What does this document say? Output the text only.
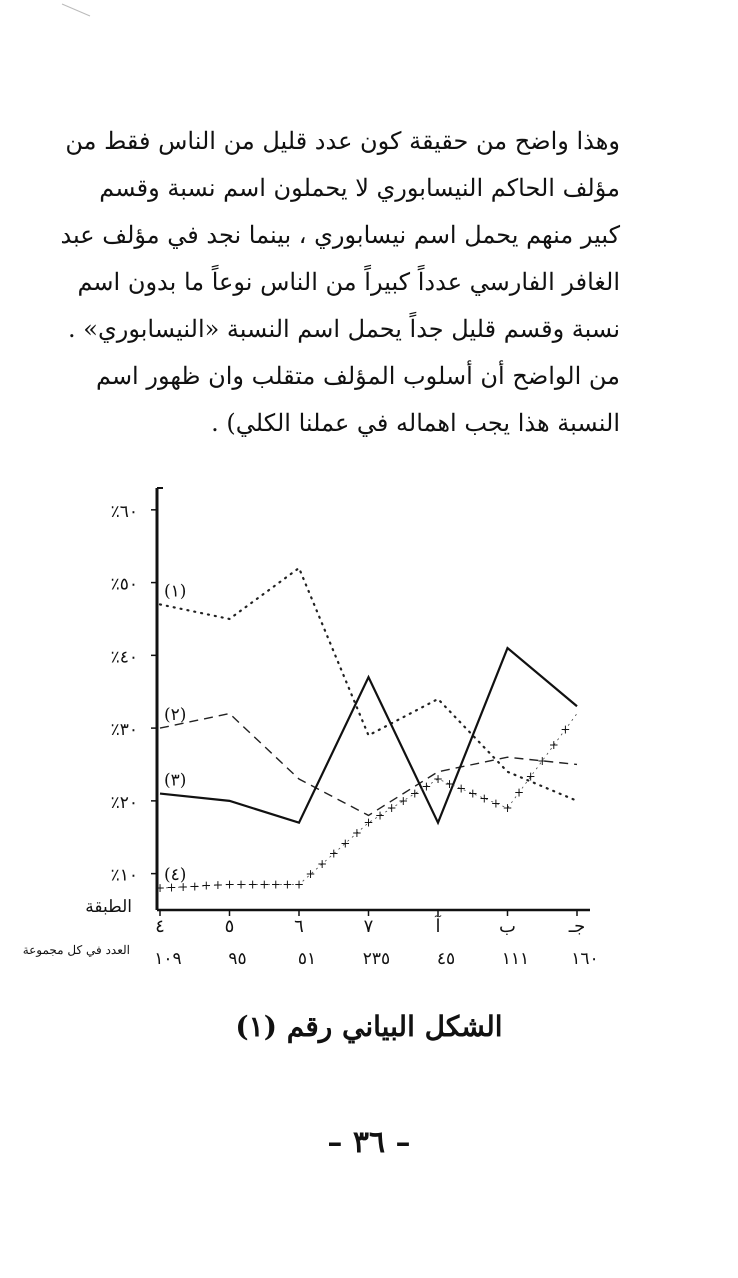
وهذا واضح من حقيقة كون عدد قليل من الناس فقط من
مؤلف الحاكم النيسابوري لا يحملون اسم نسبة وقسم
كبير منهم يحمل اسم نيسابوري ، بينما نجد في مؤلف عبد
الغافر الفارسي عدداً كبيراً من الناس نوعاً ما بدون اسم
نسبة وقسم قليل جداً يحمل اسم النسبة «النيسابوري» .
من الواضح أن أسلوب المؤلف متقلب وان ظهور اسم
النسبة هذا يجب اهماله في عملنا الكلي) .
+ + + + + + + + + + + + +
+
+
+
+
+
+
+
+
+
+
+
+ + + + + + +
+
+
+
+
+
٪١٠
٪٢٠
٪٣٠
٪٤٠
٪٥٠
٪٦٠
٤
١٠٩
٥
٩٥
٦
٥١
٧
٢٣٥
آ
٤٥
ب
١١١
جـ
١٦٠
الطبقة
العدد في كل مجموعة
(١)
(٢)
(٣)
(٤)
الشكل البياني رقم (١)
– ٣٦ –
